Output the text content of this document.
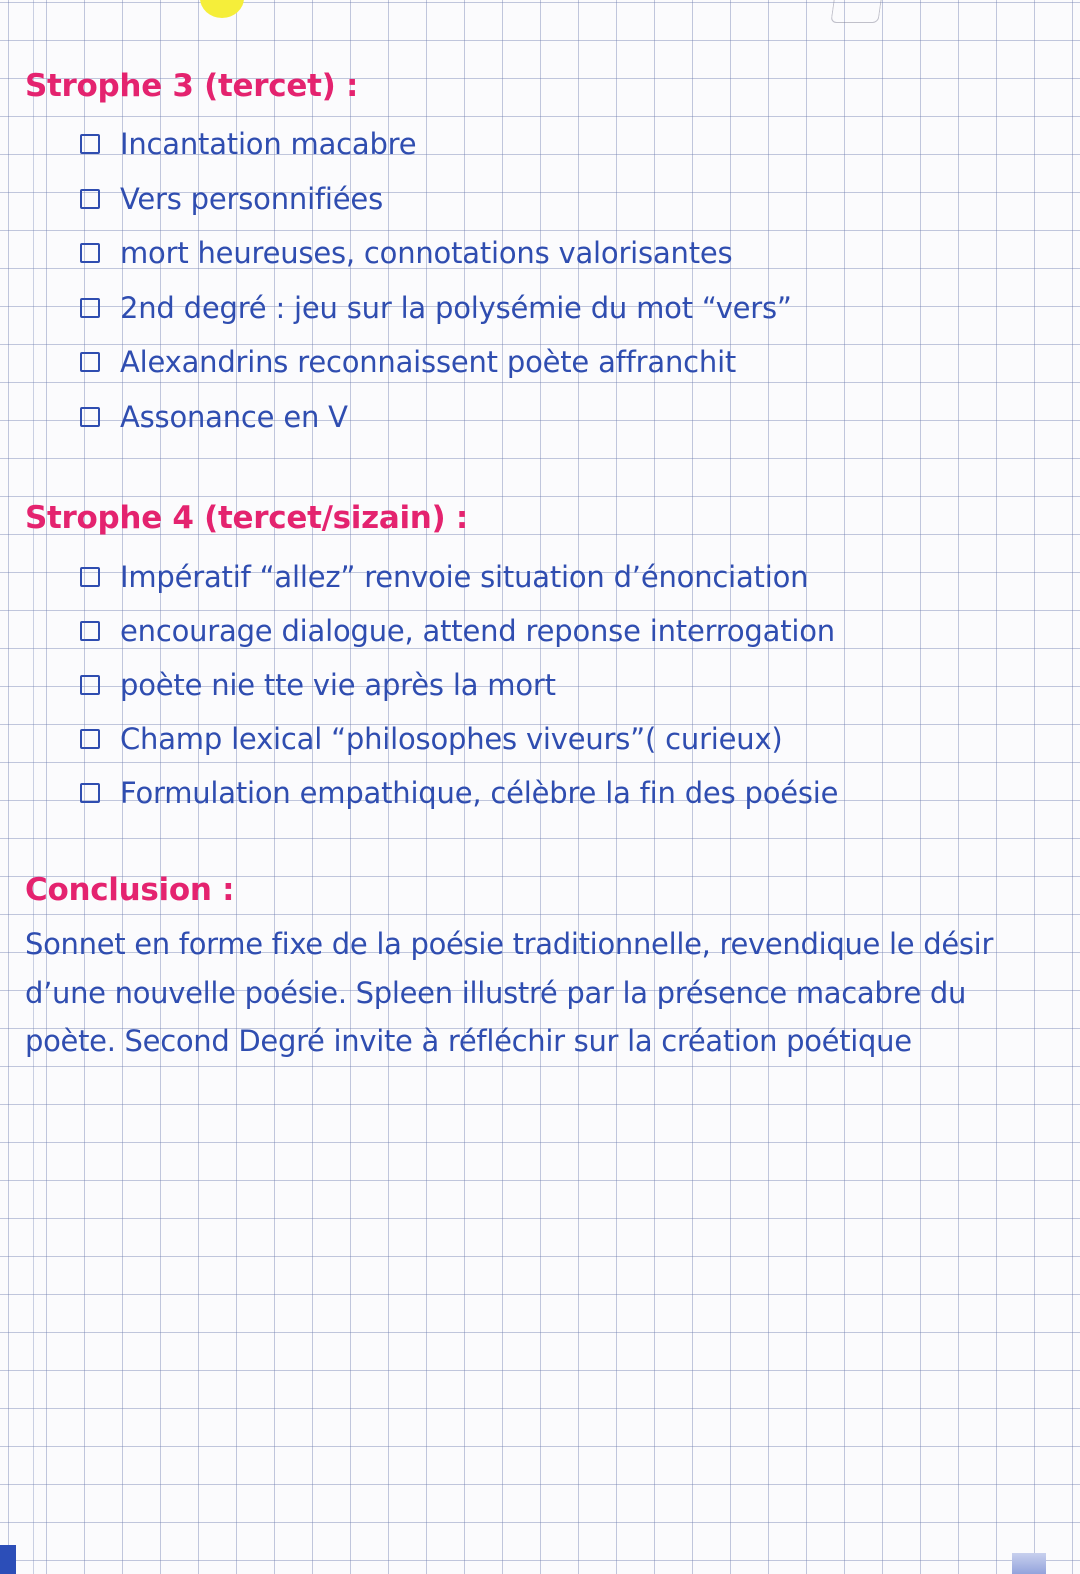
Strophe 3 (tercet) :
Incantation macabre
Vers personnifiées
mort heureuses, connotations valorisantes
2nd degré : jeu sur la polysémie du mot “vers”
Alexandrins reconnaissent poète affranchit
Assonance en V
Strophe 4 (tercet/sizain) :
Impératif “allez” renvoie situation d’énonciation
encourage dialogue, attend reponse interrogation
poète nie tte vie après la mort
Champ lexical “philosophes viveurs”( curieux)
Formulation empathique, célèbre la fin des poésie
Conclusion :

Sonnet en forme fixe de la poésie traditionnelle, revendique le désir

d’une nouvelle poésie. Spleen illustré par la présence macabre du

poète. Second Degré invite à réfléchir sur la création poétique
